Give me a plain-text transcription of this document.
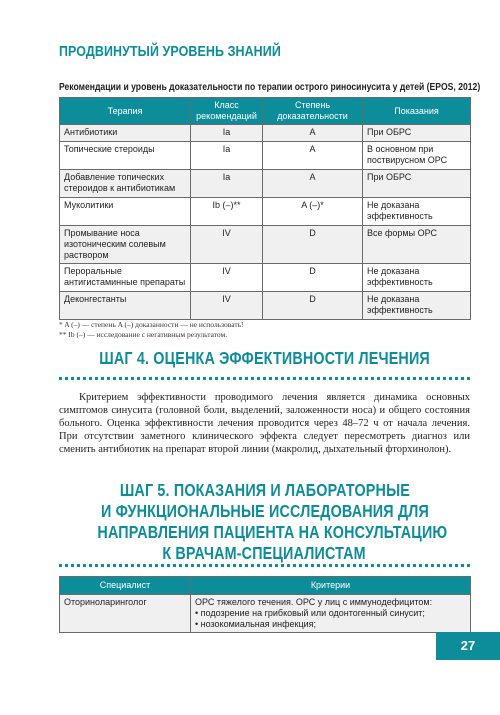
ПРОДВИНУТЫЙ УРОВЕНЬ ЗНАНИЙ
Рекомендации и уровень доказательности по терапии острого риносинусита у детей (EPOS, 2012)
Терапия	Класс рекомендаций	Степень доказательности	Показания
Антибиотики	Ia	A	При ОБРС
Топические стероиды	Ia	A	В основном при поствирусном ОРС
Добавление топических стероидов к антибиотикам	Ia	A	При ОБРС
Муколитики	Ib (–)**	A (–)*	Не доказана эффективность
Промывание носа изотоническим солевым раствором	IV	D	Все формы ОРС
Пероральные антигистаминные препараты	IV	D	Не доказана эффективность
Деконгестанты	IV	D	Не доказана эффективность
* A (–) — степень A (–) доказанности — не использовать!
** Ib (–) — исследование с негативным результатом.
ШАГ 4. ОЦЕНКА ЭФФЕКТИВНОСТИ ЛЕЧЕНИЯ
Критерием эффективности проводимого лечения является динамика основных симптомов синусита (головной боли, выделений, заложенности носа) и общего состояния больного. Оценка эффективности лечения проводится через 48–72 ч от начала лечения. При отсутствии заметного клинического эффекта следует пересмотреть диагноз или сменить антибиотик на препарат второй линии (макролид, дыхательный фторхинолон).
ШАГ 5. ПОКАЗАНИЯ И ЛАБОРАТОРНЫЕ
И ФУНКЦИОНАЛЬНЫЕ ИССЛЕДОВАНИЯ ДЛЯ
НАПРАВЛЕНИЯ ПАЦИЕНТА НА КОНСУЛЬТАЦИЮ
К ВРАЧАМ-СПЕЦИАЛИСТАМ
Специалист	Критерии
Оториноларинголог	ОРС тяжелого течения. ОРС у лиц с иммунодефицитом:
• подозрение на грибковый или одонтогенный синусит;
• нозокомиальная инфекция;
27
